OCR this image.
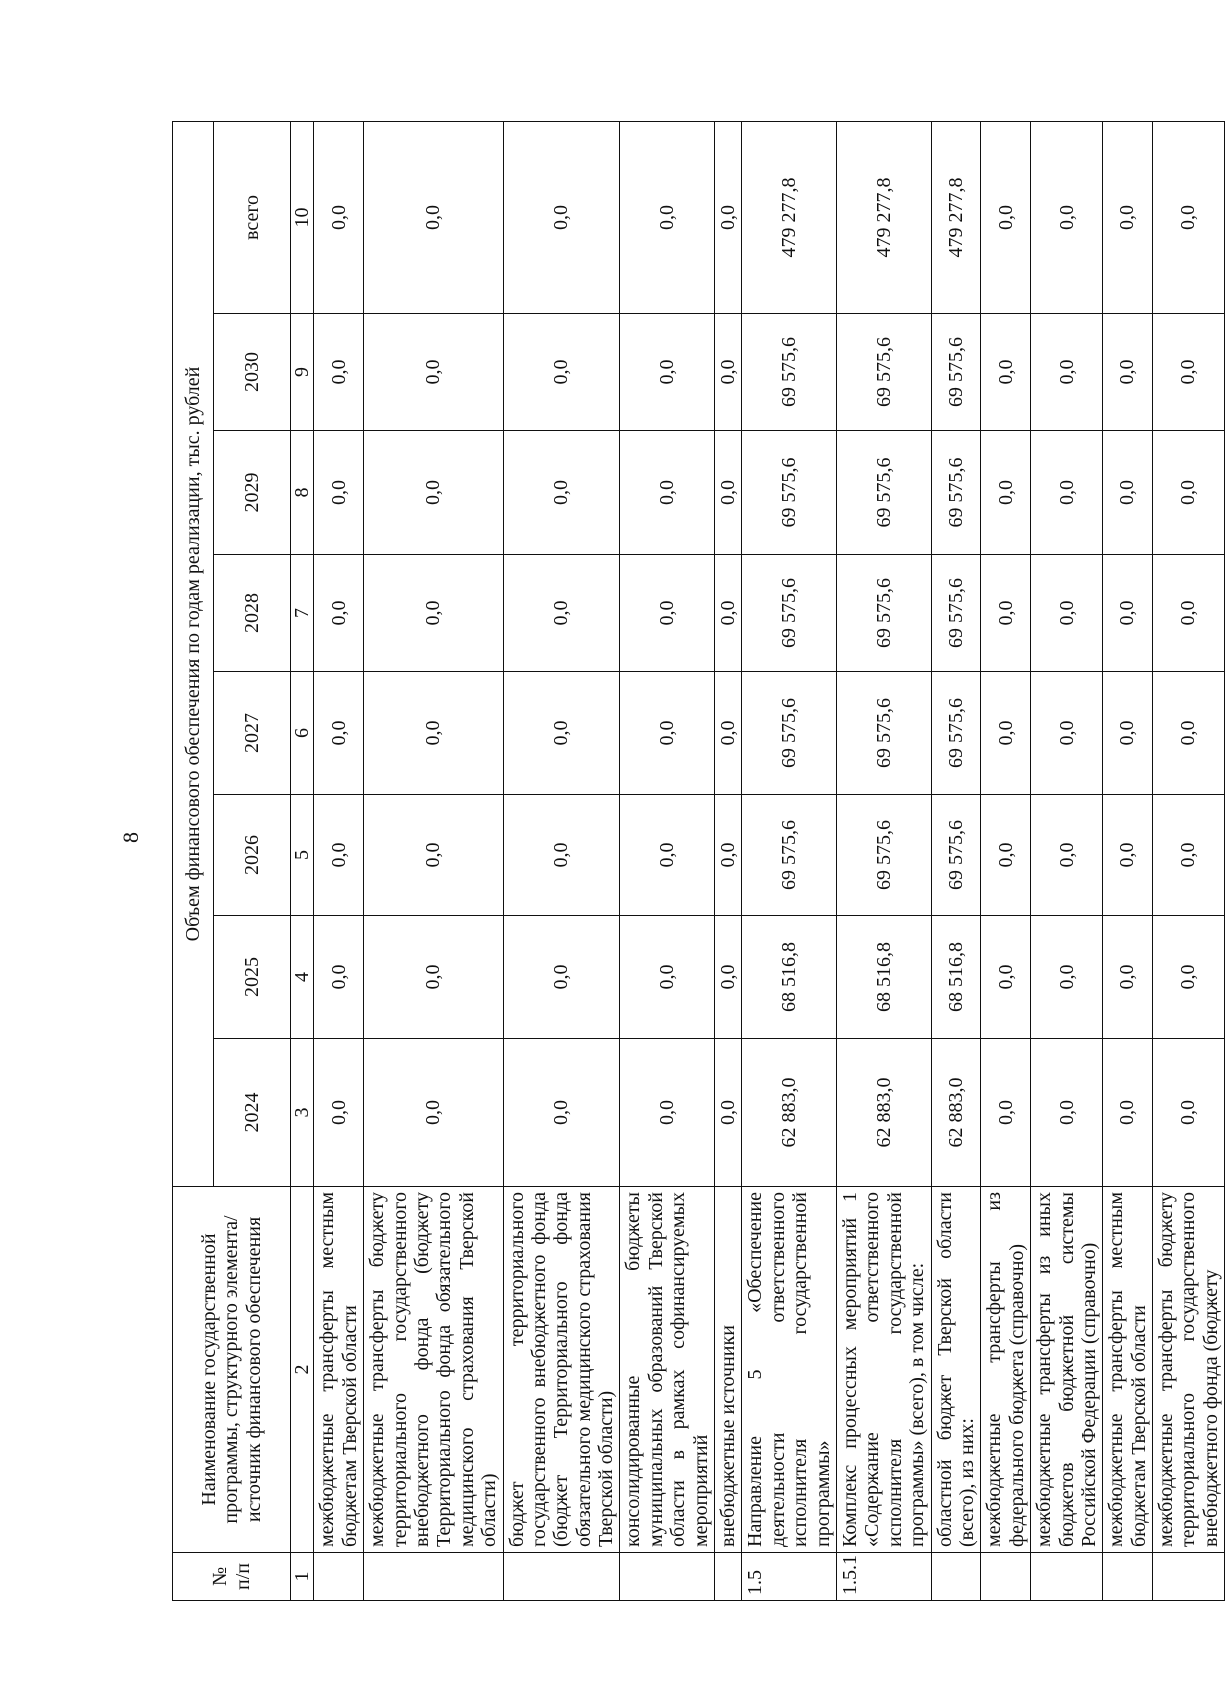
8
№ п/п	Наименование государственной программы, структурного элемента/источник финансового обеспечения	Объем финансового обеспечения по годам реализации, тыс. рублей							
		2024	2025	2026	2027	2028	2029	2030	всего
1	2	3	4	5	6	7	8	9	10
	межбюджетные трансферты местным бюджетам Тверской области	0,0	0,0	0,0	0,0	0,0	0,0	0,0	0,0
	межбюджетные трансферты бюджету территориального государственного внебюджетного фонда (бюджету Территориального фонда обязательного медицинского страхования Тверской области)	0,0	0,0	0,0	0,0	0,0	0,0	0,0	0,0
	бюджет территориального государственного внебюджетного фонда (бюджет Территориального фонда обязательного медицинского страхования Тверской области)	0,0	0,0	0,0	0,0	0,0	0,0	0,0	0,0
	консолидированные бюджеты муниципальных образований Тверской области в рамках софинансируемых мероприятий	0,0	0,0	0,0	0,0	0,0	0,0	0,0	0,0
	внебюджетные источники	0,0	0,0	0,0	0,0	0,0	0,0	0,0	0,0
1.5	Направление 5 «Обеспечение деятельности ответственного исполнителя государственной программы»	62 883,0	68 516,8	69 575,6	69 575,6	69 575,6	69 575,6	69 575,6	479 277,8
1.5.1	Комплекс процессных мероприятий 1 «Содержание ответственного исполнителя государственной программы» (всего), в том числе:	62 883,0	68 516,8	69 575,6	69 575,6	69 575,6	69 575,6	69 575,6	479 277,8
	областной бюджет Тверской области (всего), из них:	62 883,0	68 516,8	69 575,6	69 575,6	69 575,6	69 575,6	69 575,6	479 277,8
	межбюджетные трансферты из федерального бюджета (справочно)	0,0	0,0	0,0	0,0	0,0	0,0	0,0	0,0
	межбюджетные трансферты из иных бюджетов бюджетной системы Российской Федерации (справочно)	0,0	0,0	0,0	0,0	0,0	0,0	0,0	0,0
	межбюджетные трансферты местным бюджетам Тверской области	0,0	0,0	0,0	0,0	0,0	0,0	0,0	0,0
	межбюджетные трансферты бюджету территориального государственного внебюджетного фонда (бюджету	0,0	0,0	0,0	0,0	0,0	0,0	0,0	0,0
